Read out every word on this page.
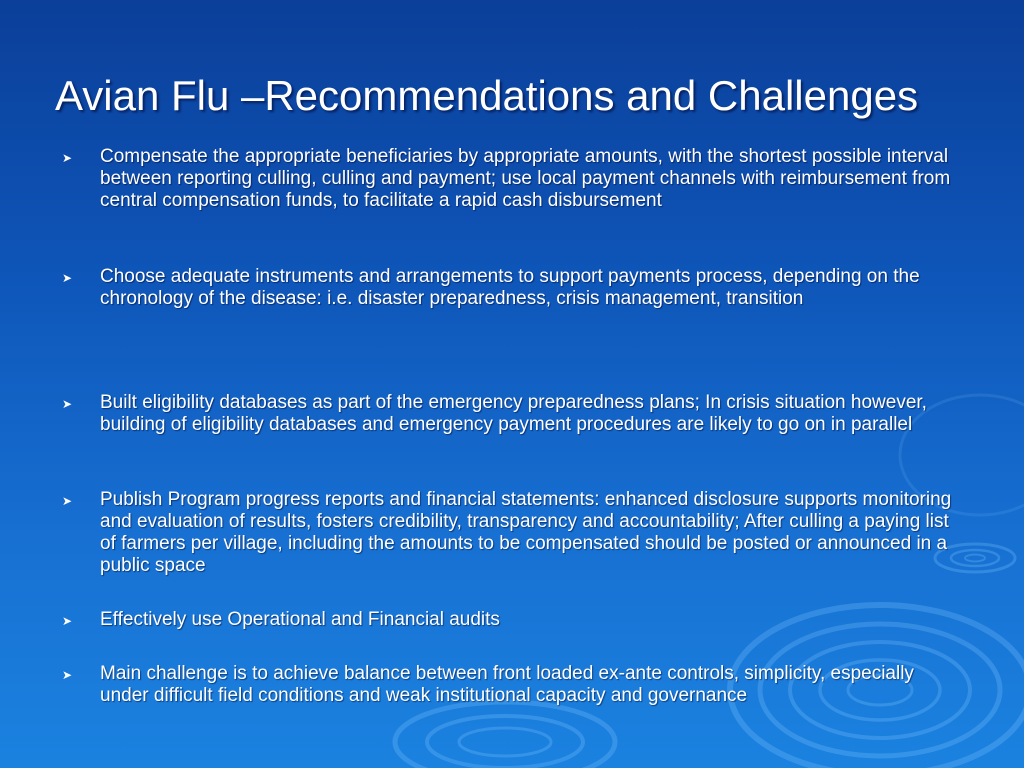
Avian Flu –Recommendations and Challenges
➤	Compensate the appropriate beneficiaries by appropriate amounts, with the shortest possible interval between reporting culling, culling and payment; use local payment channels with reimbursement from central compensation funds, to facilitate a rapid cash disbursement
➤	Choose adequate instruments and arrangements to support payments process, depending on the chronology of the disease: i.e. disaster preparedness, crisis management, transition
➤	Built eligibility databases as part of the emergency preparedness plans; In crisis situation however, building of eligibility databases and emergency payment procedures are likely to go on in parallel
➤	Publish Program progress reports and financial statements: enhanced disclosure supports monitoring and evaluation of results, fosters credibility, transparency and accountability; After culling a paying list of farmers per village, including the amounts to be compensated should be posted or announced in a public space
➤	Effectively use Operational and Financial audits
➤	Main challenge is to achieve balance between front loaded ex-ante controls, simplicity, especially under difficult field conditions and weak institutional capacity and governance
